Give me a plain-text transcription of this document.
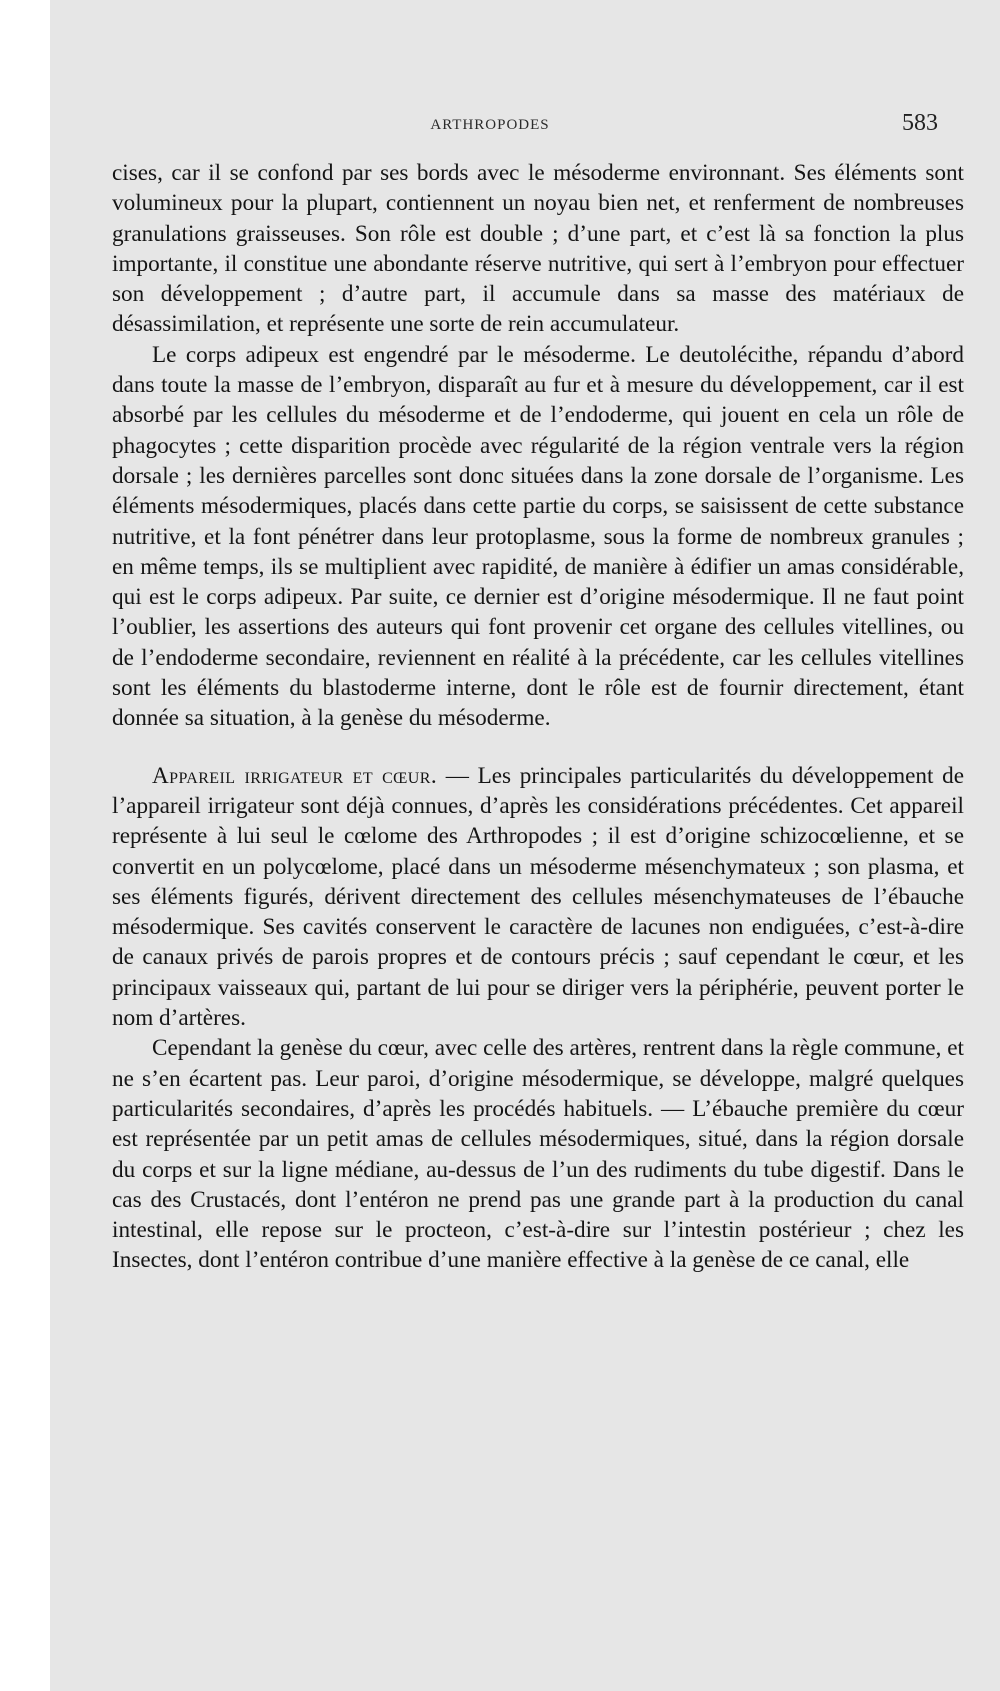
ARTHROPODES	583

cises, car il se confond par ses bords avec le mésoderme environnant. Ses éléments sont volumineux pour la plupart, contiennent un noyau bien net, et renferment de nombreuses granulations graisseuses. Son rôle est double ; d’une part, et c’est là sa fonction la plus importante, il constitue une abondante réserve nutritive, qui sert à l’embryon pour effectuer son développement ; d’autre part, il accumule dans sa masse des matériaux de désassimilation, et représente une sorte de rein accumulateur.

Le corps adipeux est engendré par le mésoderme. Le deutolécithe, répandu d’abord dans toute la masse de l’embryon, disparaît au fur et à mesure du développement, car il est absorbé par les cellules du mésoderme et de l’endoderme, qui jouent en cela un rôle de phagocytes ; cette disparition procède avec régularité de la région ventrale vers la région dorsale ; les dernières parcelles sont donc situées dans la zone dorsale de l’organisme. Les éléments mésodermiques, placés dans cette partie du corps, se saisissent de cette substance nutritive, et la font pénétrer dans leur protoplasme, sous la forme de nombreux granules ; en même temps, ils se multiplient avec rapidité, de manière à édifier un amas considérable, qui est le corps adipeux. Par suite, ce dernier est d’origine mésodermique. Il ne faut point l’oublier, les assertions des auteurs qui font provenir cet organe des cellules vitellines, ou de l’endoderme secondaire, reviennent en réalité à la précédente, car les cellules vitellines sont les éléments du blastoderme interne, dont le rôle est de fournir directement, étant donnée sa situation, à la genèse du mésoderme.

Appareil irrigateur et cœur. — Les principales particularités du développement de l’appareil irrigateur sont déjà connues, d’après les considérations précédentes. Cet appareil représente à lui seul le cœlome des Arthropodes ; il est d’origine schizocœlienne, et se convertit en un polycœlome, placé dans un mésoderme mésenchymateux ; son plasma, et ses éléments figurés, dérivent directement des cellules mésenchymateuses de l’ébauche mésodermique. Ses cavités conservent le caractère de lacunes non endiguées, c’est-à-dire de canaux privés de parois propres et de contours précis ; sauf cependant le cœur, et les principaux vaisseaux qui, partant de lui pour se diriger vers la périphérie, peuvent porter le nom d’artères.

Cependant la genèse du cœur, avec celle des artères, rentrent dans la règle commune, et ne s’en écartent pas. Leur paroi, d’origine mésodermique, se développe, malgré quelques particularités secondaires, d’après les procédés habituels. — L’ébauche première du cœur est représentée par un petit amas de cellules mésodermiques, situé, dans la région dorsale du corps et sur la ligne médiane, au-dessus de l’un des rudiments du tube digestif. Dans le cas des Crustacés, dont l’entéron ne prend pas une grande part à la production du canal intestinal, elle repose sur le procteon, c’est-à-dire sur l’intestin postérieur ; chez les Insectes, dont l’entéron contribue d’une manière effective à la genèse de ce canal, elle
